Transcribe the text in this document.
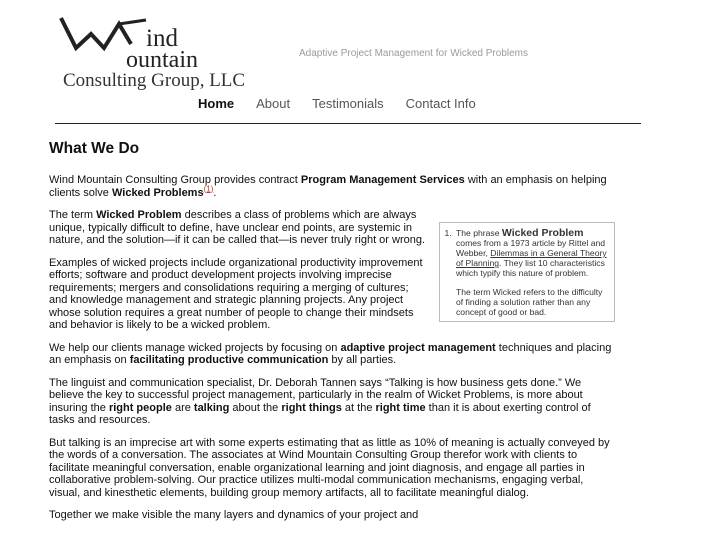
ind
ountain
Consulting Group, LLC
Adaptive Project Management for Wicked Problems
Home About Testimonials Contact Info
What We Do

Wind Mountain Consulting Group provides contract Program Management Services with an emphasis on helping clients solve Wicked Problems$^{(1)}$.

The term Wicked Problem describes a class of problems which are always unique, typically difficult to define, have unclear end points, are systemic in nature, and the solution—if it can be called that—is never truly right or wrong.

Examples of wicked projects include organizational productivity improvement efforts; software and product development projects involving imprecise requirements; mergers and consolidations requiring a merging of cultures; and knowledge management and strategic planning projects. Any project whose solution requires a great number of people to change their mindsets and behavior is likely to be a wicked problem.

We help our clients manage wicked projects by focusing on adaptive project management techniques and placing an emphasis on facilitating productive communication by all parties.

The linguist and communication specialist, Dr. Deborah Tannen says “Talking is how business gets done.” We believe the key to successful project management, particularly in the realm of Wicket Problems, is more about insuring the right people are talking about the right things at the right time than it is about exerting control of tasks and resources.

But talking is an imprecise art with some experts estimating that as little as 10% of meaning is actually conveyed by the words of a conversation. The associates at Wind Mountain Consulting Group therefor work with clients to facilitate meaningful conversation, enable organizational learning and joint diagnosis, and engage all parties in collaborative problem-solving. Our practice utilizes multi-modal communication mechanisms, engaging verbal, visual, and kinesthetic elements, building group memory artifacts, all to facilitate meaningful dialog.

Together we make visible the many layers and dynamics of your project and

1. The phrase Wicked Problem comes from a 1973 article by Rittel and Webber, Dilemmas in a General Theory of Planning. They list 10 characteristics which typify this nature of problem.
The term Wicked refers to the difficulty of finding a solution rather than any concept of good or bad.
